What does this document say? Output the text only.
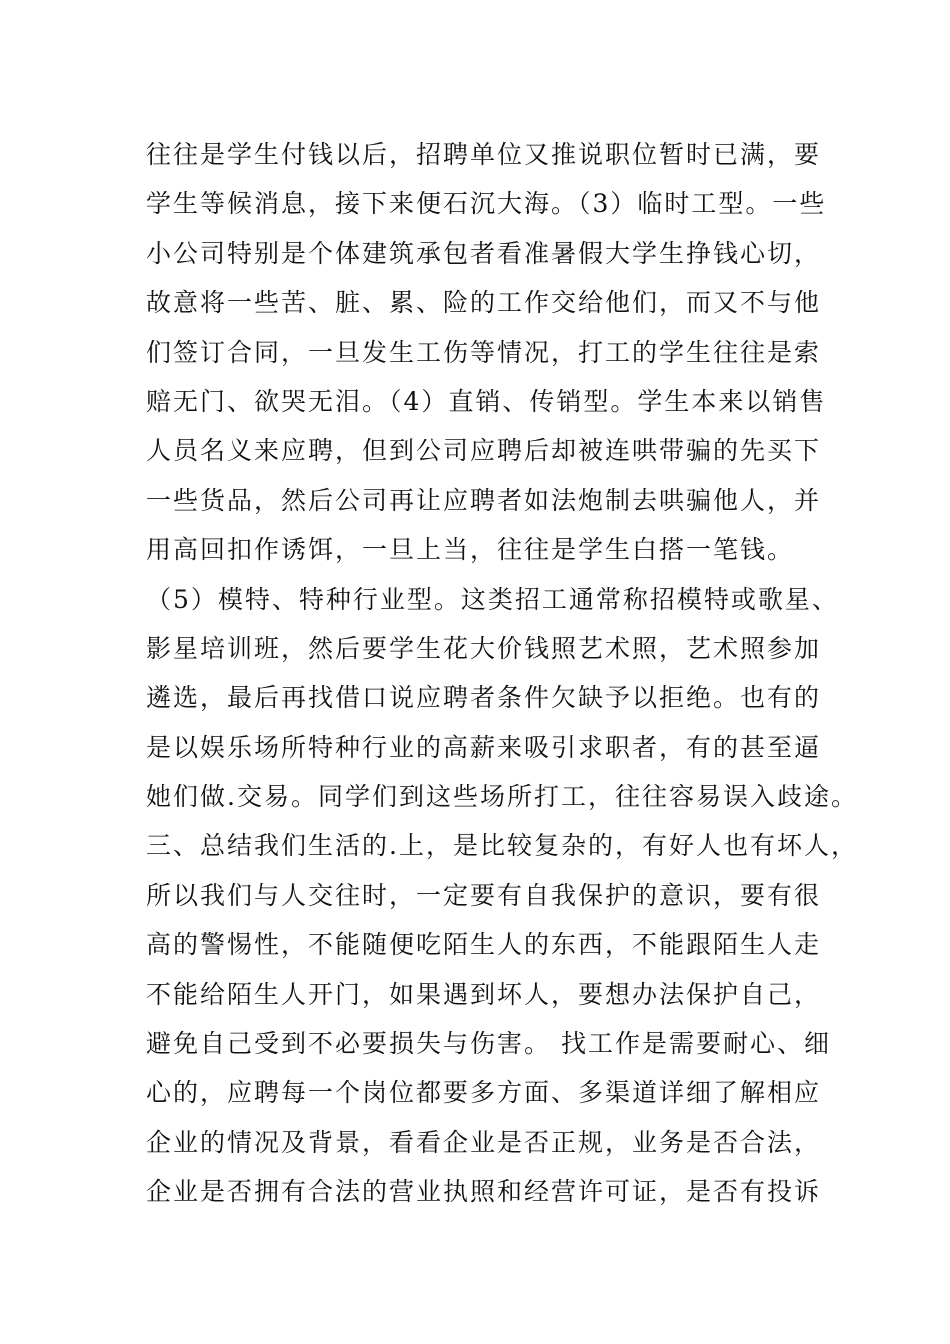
往往是学生付钱以后，招聘单位又推说职位暂时已满，要
学生等候消息，接下来便石沉大海。（3）临时工型。一些
小公司特别是个体建筑承包者看准暑假大学生挣钱心切，
故意将一些苦、脏、累、险的工作交给他们，而又不与他
们签订合同，一旦发生工伤等情况，打工的学生往往是索
赔无门、欲哭无泪。（4）直销、传销型。学生本来以销售
人员名义来应聘，但到公司应聘后却被连哄带骗的先买下
一些货品，然后公司再让应聘者如法炮制去哄骗他人，并
用高回扣作诱饵，一旦上当，往往是学生白搭一笔钱。
（5）模特、特种行业型。这类招工通常称招模特或歌星、
影星培训班，然后要学生花大价钱照艺术照，艺术照参加
遴选，最后再找借口说应聘者条件欠缺予以拒绝。也有的
是以娱乐场所特种行业的高薪来吸引求职者，有的甚至逼
她们做.交易。同学们到这些场所打工，往往容易误入歧途。
三、总结我们生活的.上，是比较复杂的，有好人也有坏人，
所以我们与人交往时，一定要有自我保护的意识，要有很
高的警惕性，不能随便吃陌生人的东西，不能跟陌生人走
不能给陌生人开门，如果遇到坏人，要想办法保护自己，
避免自己受到不必要损失与伤害。 找工作是需要耐心、细
心的，应聘每一个岗位都要多方面、多渠道详细了解相应
企业的情况及背景，看看企业是否正规，业务是否合法，
企业是否拥有合法的营业执照和经营许可证，是否有投诉
